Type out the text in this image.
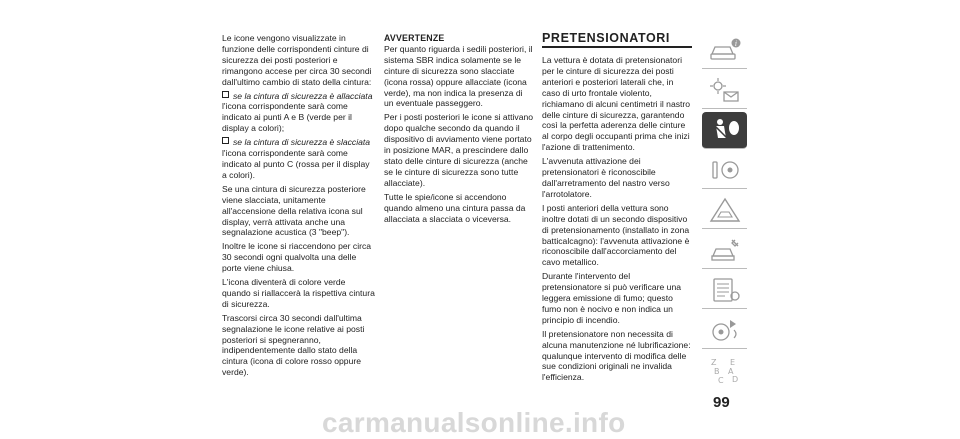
Le icone vengono visualizzate in funzione delle corrispondenti cinture di sicurezza dei posti posteriori e rimangono accese per circa 30 secondi dall'ultimo cambio di stato della cintura:

se la cintura di sicurezza è allacciata

l'icona corrispondente sarà come indicato ai punti A e B (verde per il display a colori);

se la cintura di sicurezza è slacciata

l'icona corrispondente sarà come indicato al punto C (rossa per il display a colori).

Se una cintura di sicurezza posteriore viene slacciata, unitamente all'accensione della relativa icona sul display, verrà attivata anche una segnalazione acustica (3 "beep").

Inoltre le icone si riaccendono per circa 30 secondi ogni qualvolta una delle porte viene chiusa.

L'icona diventerà di colore verde quando si riallaccerà la rispettiva cintura di sicurezza.

Trascorsi circa 30 secondi dall'ultima segnalazione le icone relative ai posti posteriori si spegneranno, indipendentemente dallo stato della cintura (icona di colore rosso oppure verde).

AVVERTENZE

Per quanto riguarda i sedili posteriori, il sistema SBR indica solamente se le cinture di sicurezza sono slacciate (icona rossa) oppure allacciate (icona verde), ma non indica la presenza di un eventuale passeggero.

Per i posti posteriori le icone si attivano dopo qualche secondo da quando il dispositivo di avviamento viene portato in posizione MAR, a prescindere dallo stato delle cinture di sicurezza (anche se le cinture di sicurezza sono tutte allacciate).

Tutte le spie/icone si accendono quando almeno una cintura passa da allacciata a slacciata o viceversa.

PRETENSIONATORI

La vettura è dotata di pretensionatori per le cinture di sicurezza dei posti anteriori e posteriori laterali che, in caso di urto frontale violento, richiamano di alcuni centimetri il nastro delle cinture di sicurezza, garantendo così la perfetta aderenza delle cinture al corpo degli occupanti prima che inizi l'azione di trattenimento.

L'avvenuta attivazione dei pretensionatori è riconoscibile dall'arretramento del nastro verso l'arrotolatore.

I posti anteriori della vettura sono inoltre dotati di un secondo dispositivo di pretensionamento (installato in zona batticalcagno): l'avvenuta attivazione è riconoscibile dall'accorciamento del cavo metallico.

Durante l'intervento del pretensionatore si può verificare una leggera emissione di fumo; questo fumo non è nocivo e non indica un principio di incendio.

Il pretensionatore non necessita di alcuna manutenzione né lubrificazione: qualunque intervento di modifica delle sue condizioni originali ne invalida l'efficienza.

i
Z E
B A
C D
99
carmanualsonline.info
